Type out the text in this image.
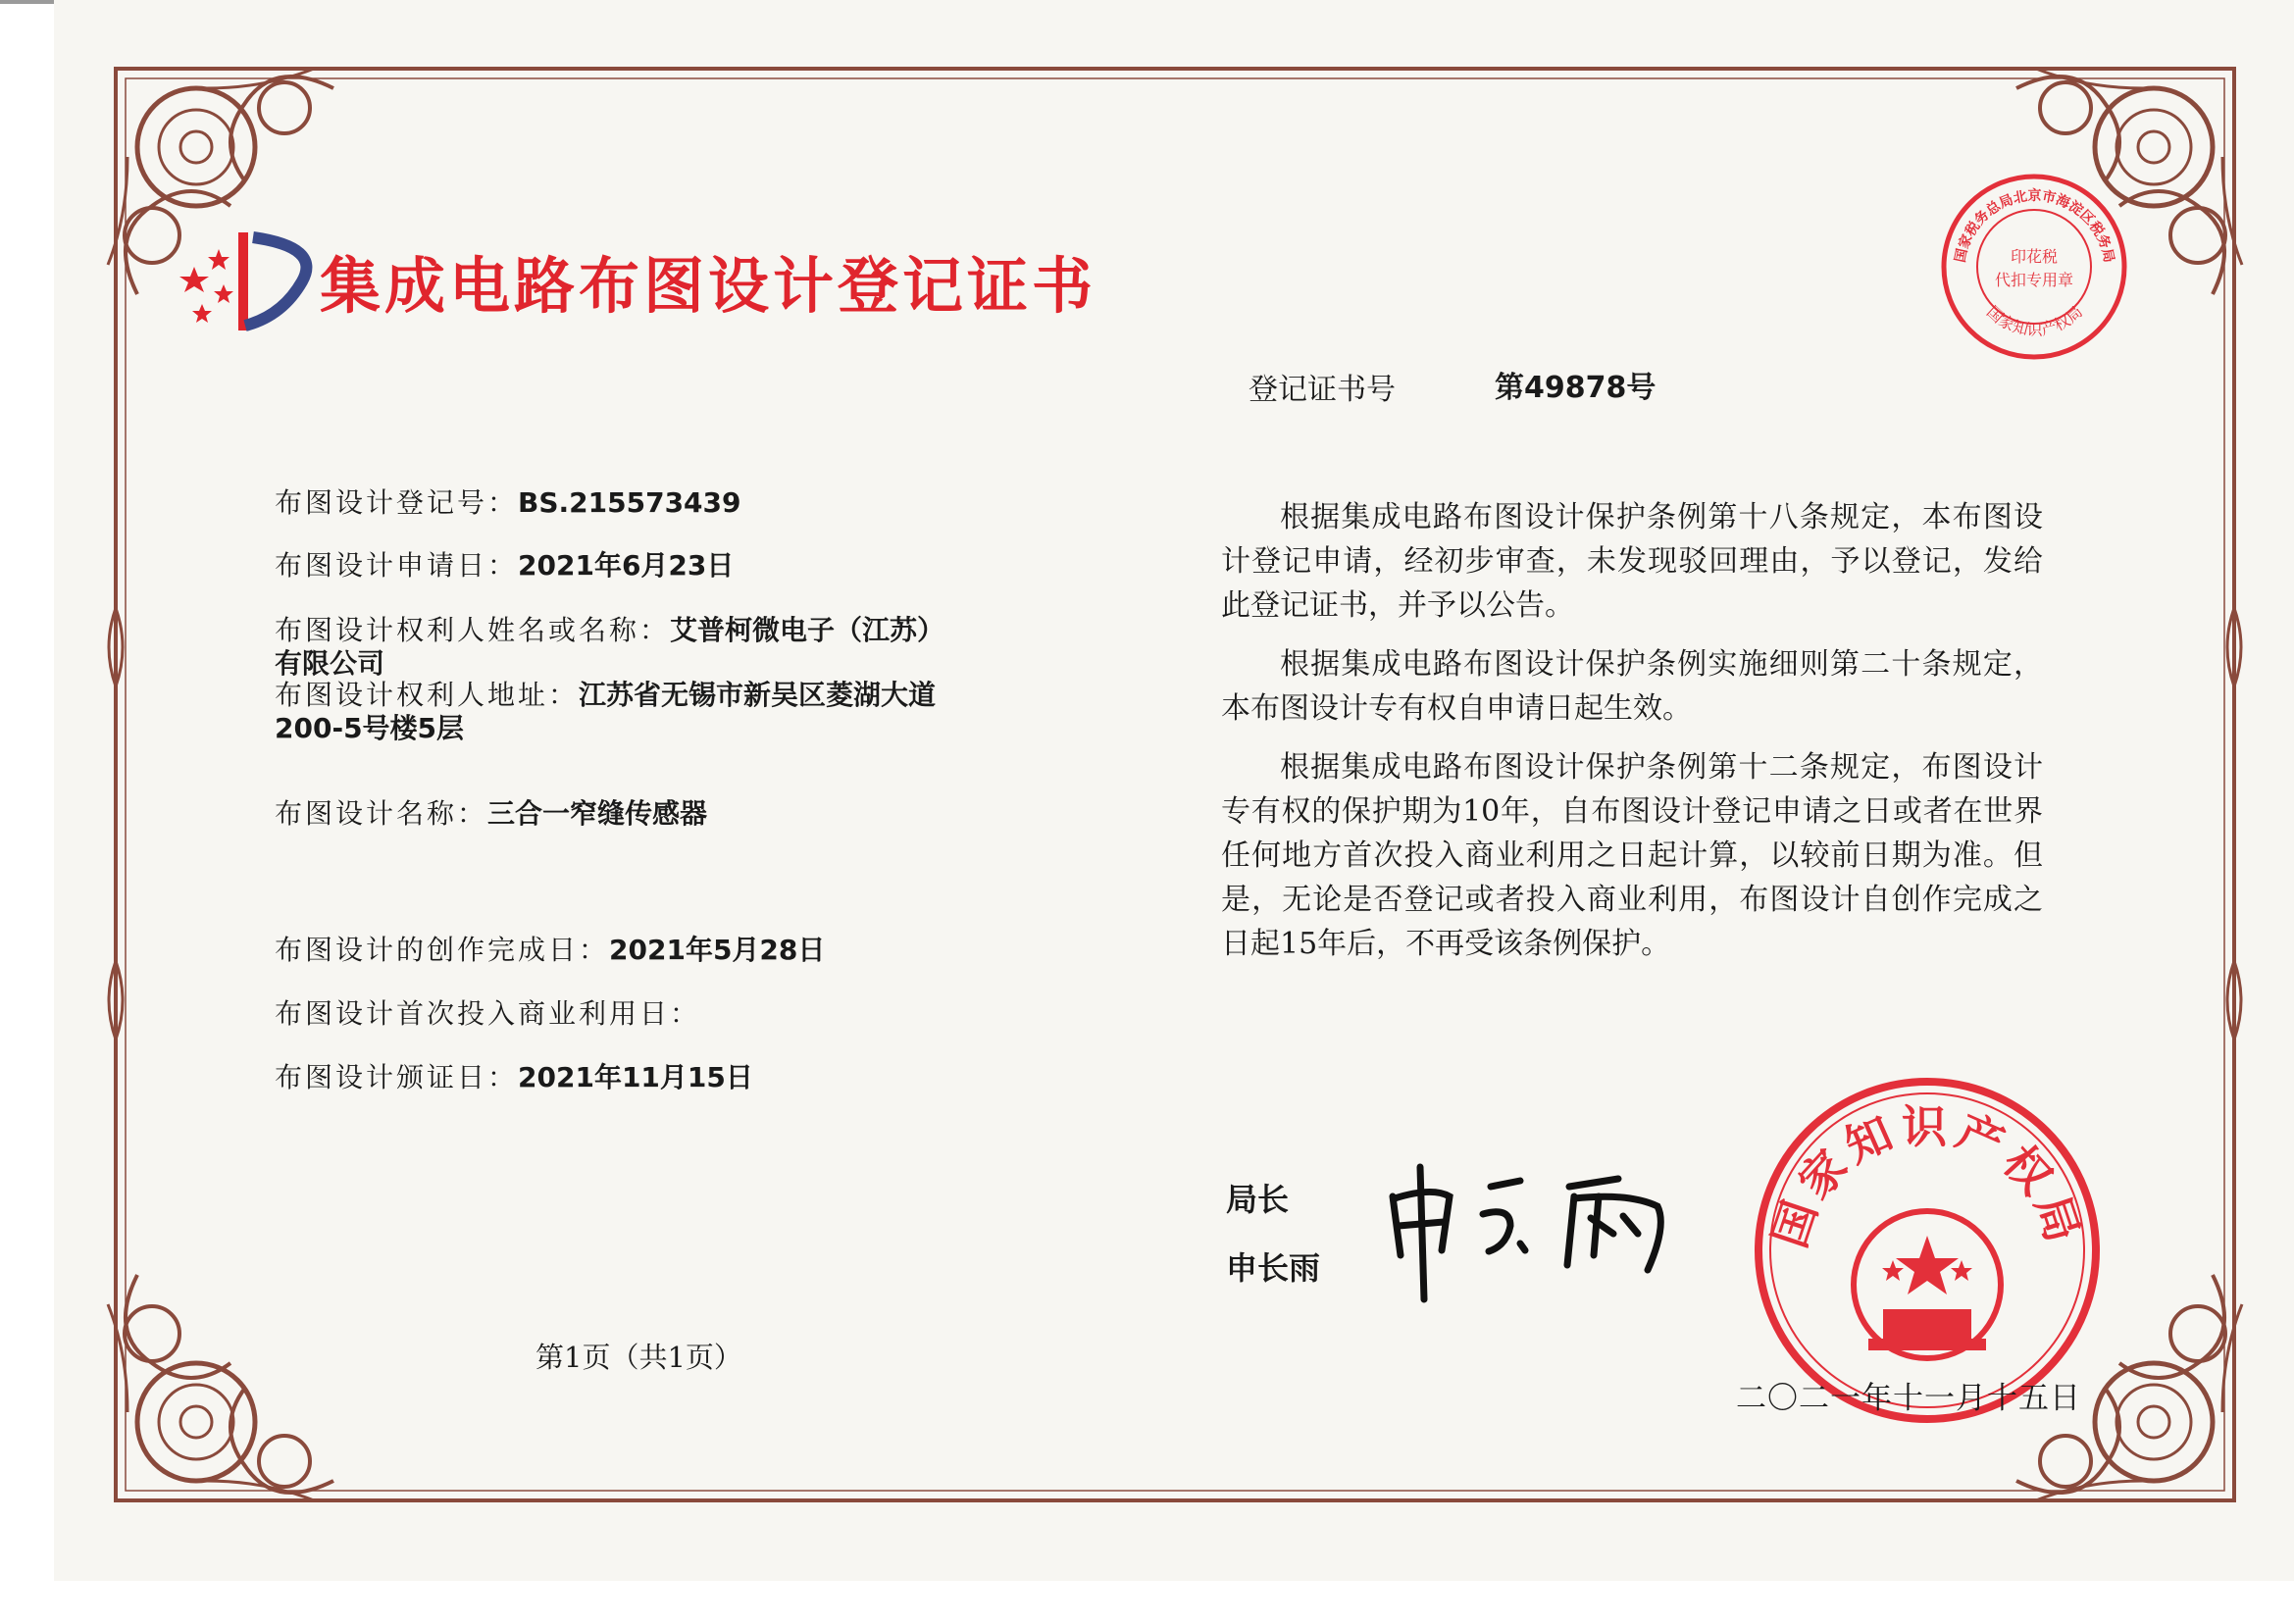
集成电路布图设计登记证书
登记证书号	第49878号
布图设计登记号：BS.215573439
布图设计申请日：2021年6月23日
布图设计权利人姓名或名称：艾普柯微电子（江苏）有限公司
布图设计权利人地址：江苏省无锡市新吴区菱湖大道200-5号楼5层
布图设计名称：三合一窄缝传感器
布图设计的创作完成日：2021年5月28日
布图设计首次投入商业利用日：
布图设计颁证日：2021年11月15日

根据集成电路布图设计保护条例第十八条规定，本布图设计登记申请，经初步审查，未发现驳回理由，予以登记，发给此登记证书，并予以公告。

根据集成电路布图设计保护条例实施细则第二十条规定，本布图设计专有权自申请日起生效。

根据集成电路布图设计保护条例第十二条规定，布图设计专有权的保护期为10年，自布图设计登记申请之日或者在世界任何地方首次投入商业利用之日起计算，以较前日期为准。但是，无论是否登记或者投入商业利用，布图设计自创作完成之日起15年后，不再受该条例保护。

第1页（共1页）
局长
申长雨
国家知识产权局
国家税务总局北京市海淀区税务局
印花税
代扣专用章
国家知识产权局
二〇二一年十一月十五日
